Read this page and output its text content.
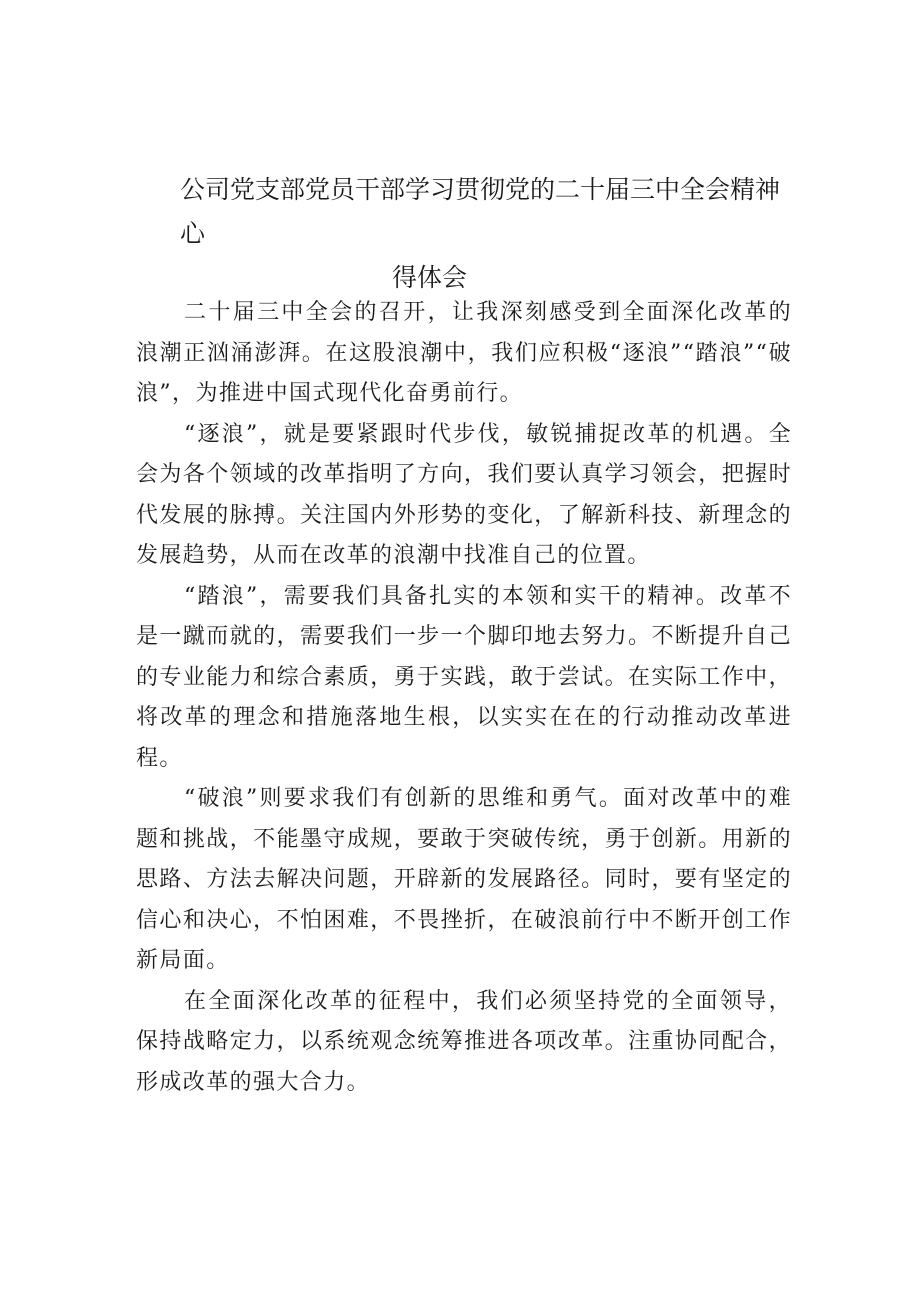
公司党支部党员干部学习贯彻党的二十届三中全会精神心
得体会

二十届三中全会的召开，让我深刻感受到全面深化改革的浪潮正汹涌澎湃。在这股浪潮中，我们应积极“逐浪”“踏浪”“破浪”，为推进中国式现代化奋勇前行。

“逐浪”，就是要紧跟时代步伐，敏锐捕捉改革的机遇。全会为各个领域的改革指明了方向，我们要认真学习领会，把握时代发展的脉搏。关注国内外形势的变化，了解新科技、新理念的发展趋势，从而在改革的浪潮中找准自己的位置。

“踏浪”，需要我们具备扎实的本领和实干的精神。改革不是一蹴而就的，需要我们一步一个脚印地去努力。不断提升自己的专业能力和综合素质，勇于实践，敢于尝试。在实际工作中，将改革的理念和措施落地生根，以实实在在的行动推动改革进程。

“破浪”则要求我们有创新的思维和勇气。面对改革中的难题和挑战，不能墨守成规，要敢于突破传统，勇于创新。用新的思路、方法去解决问题，开辟新的发展路径。同时，要有坚定的信心和决心，不怕困难，不畏挫折，在破浪前行中不断开创工作新局面。

在全面深化改革的征程中，我们必须坚持党的全面领导，保持战略定力，以系统观念统筹推进各项改革。注重协同配合，形成改革的强大合力。
